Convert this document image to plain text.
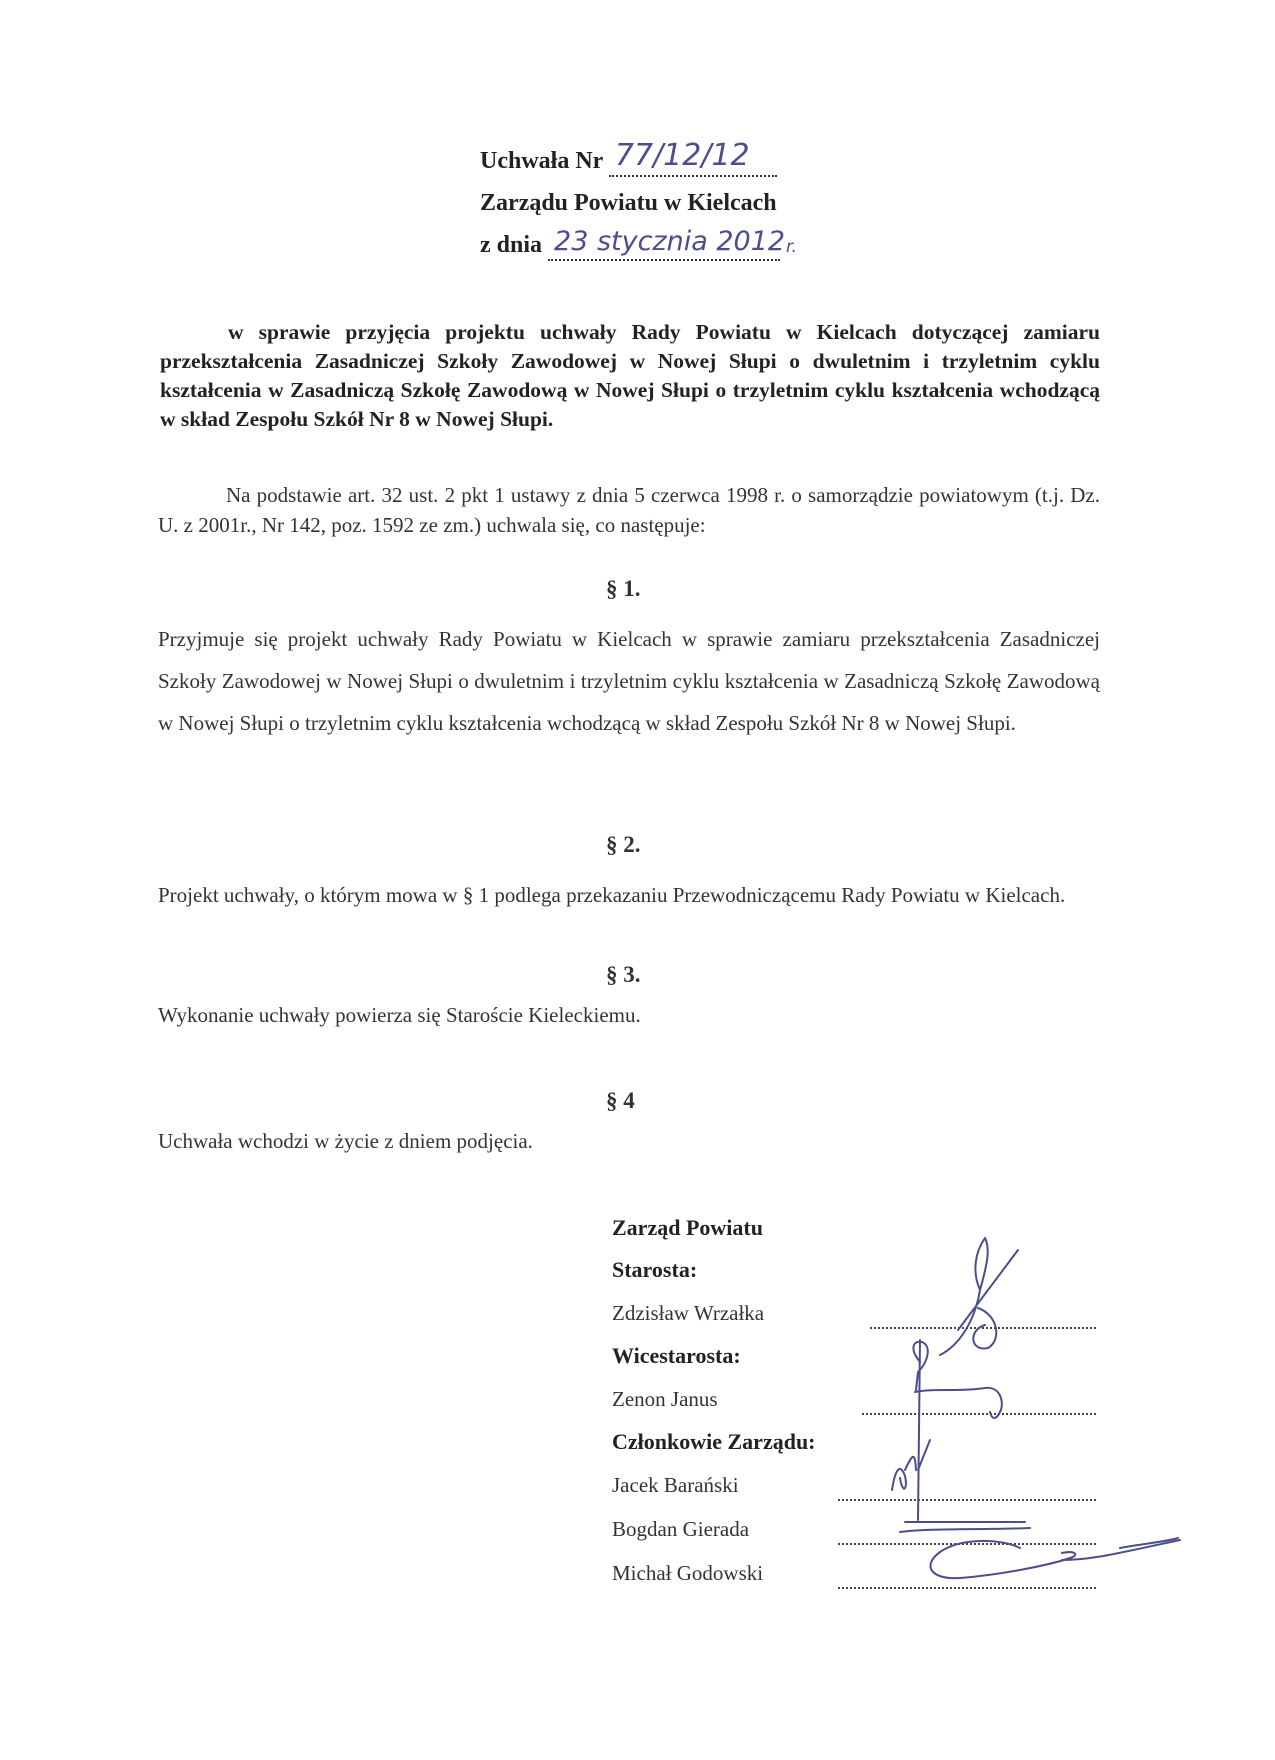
Uchwała Nr 77/12/12

Zarządu Powiatu w Kielcach
z dnia 23 stycznia 2012 r.
w sprawie przyjęcia projektu uchwały Rady Powiatu w Kielcach dotyczącej zamiaru przekształcenia Zasadniczej Szkoły Zawodowej w Nowej Słupi o dwuletnim i trzyletnim cyklu kształcenia w Zasadniczą Szkołę Zawodową w Nowej Słupi o trzyletnim cyklu kształcenia wchodzącą w skład Zespołu Szkół Nr 8 w Nowej Słupi.
Na podstawie art. 32 ust. 2 pkt 1 ustawy z dnia 5 czerwca 1998 r. o samorządzie powiatowym (t.j. Dz. U. z 2001r., Nr 142, poz. 1592 ze zm.) uchwala się, co następuje:
§ 1.
Przyjmuje się projekt uchwały Rady Powiatu w Kielcach w sprawie zamiaru przekształcenia Zasadniczej Szkoły Zawodowej w Nowej Słupi o dwuletnim i trzyletnim cyklu kształcenia w Zasadniczą Szkołę Zawodową w Nowej Słupi o trzyletnim cyklu kształcenia wchodzącą w skład Zespołu Szkół Nr 8 w Nowej Słupi.
§ 2.
Projekt uchwały, o którym mowa w § 1 podlega przekazaniu Przewodniczącemu Rady Powiatu w Kielcach.
§ 3.
Wykonanie uchwały powierza się Staroście Kieleckiemu.
§ 4
Uchwała wchodzi w życie z dniem podjęcia.
Zarząd Powiatu
Starosta:
Zdzisław Wrzałka
Wicestarosta:
Zenon Janus
Członkowie Zarządu:
Jacek Barański
Bogdan Gierada
Michał Godowski
